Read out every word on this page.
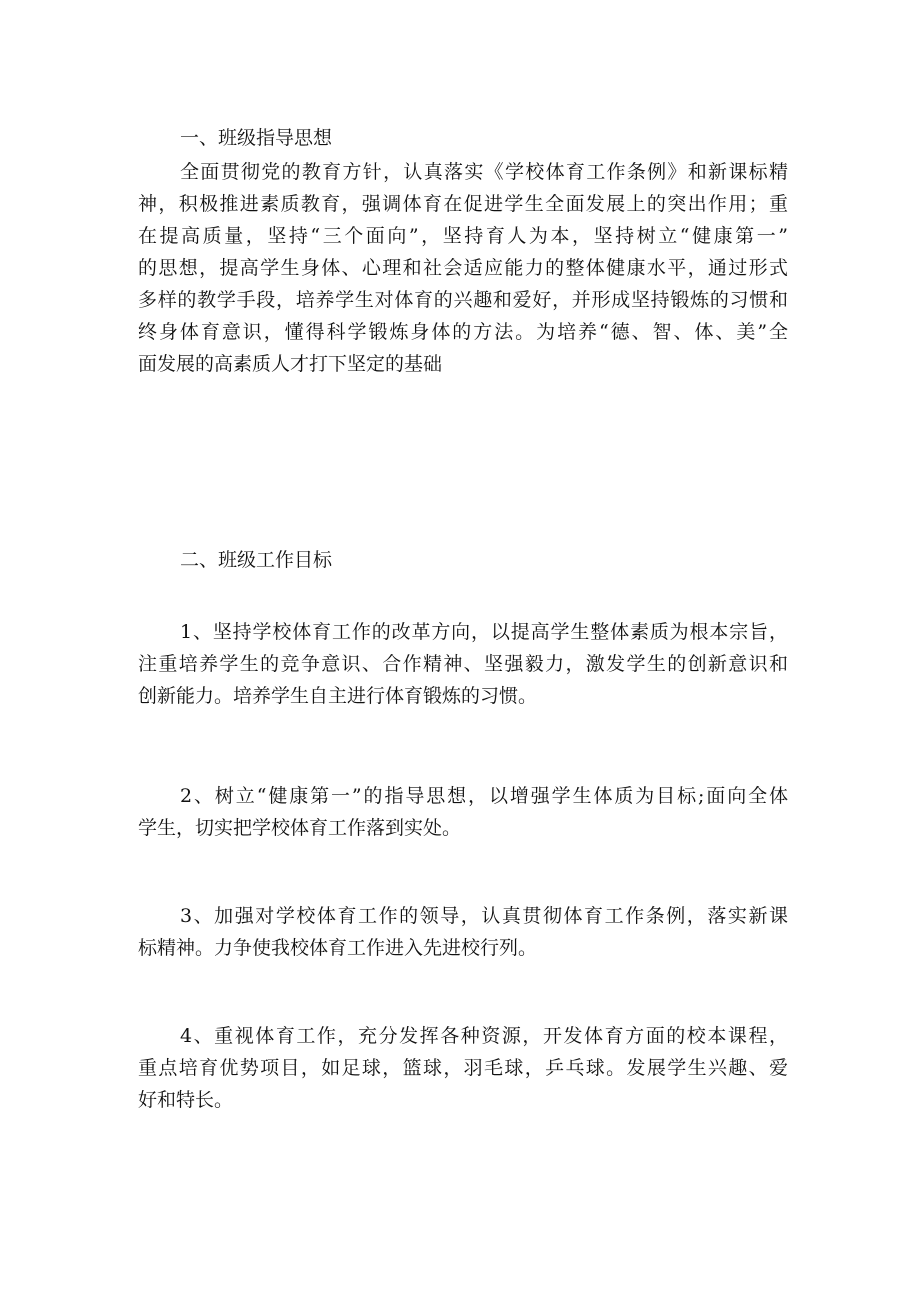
一、班级指导思想
全面贯彻党的教育方针，认真落实《学校体育工作条例》和新课标精
神，积极推进素质教育，强调体育在促进学生全面发展上的突出作用；重
在提高质量，坚持“三个面向”，坚持育人为本，坚持树立“健康第一”
的思想，提高学生身体、心理和社会适应能力的整体健康水平，通过形式
多样的教学手段，培养学生对体育的兴趣和爱好，并形成坚持锻炼的习惯和
终身体育意识，懂得科学锻炼身体的方法。为培养“德、智、体、美”全
面发展的高素质人才打下坚定的基础
二、班级工作目标
1、坚持学校体育工作的改革方向，以提高学生整体素质为根本宗旨，
注重培养学生的竞争意识、合作精神、坚强毅力，激发学生的创新意识和
创新能力。培养学生自主进行体育锻炼的习惯。
2、树立“健康第一”的指导思想，以增强学生体质为目标;面向全体
学生，切实把学校体育工作落到实处。
3、加强对学校体育工作的领导，认真贯彻体育工作条例，落实新课
标精神。力争使我校体育工作进入先进校行列。
4、重视体育工作，充分发挥各种资源，开发体育方面的校本课程，
重点培育优势项目，如足球，篮球，羽毛球，乒乓球。发展学生兴趣、爱
好和特长。
